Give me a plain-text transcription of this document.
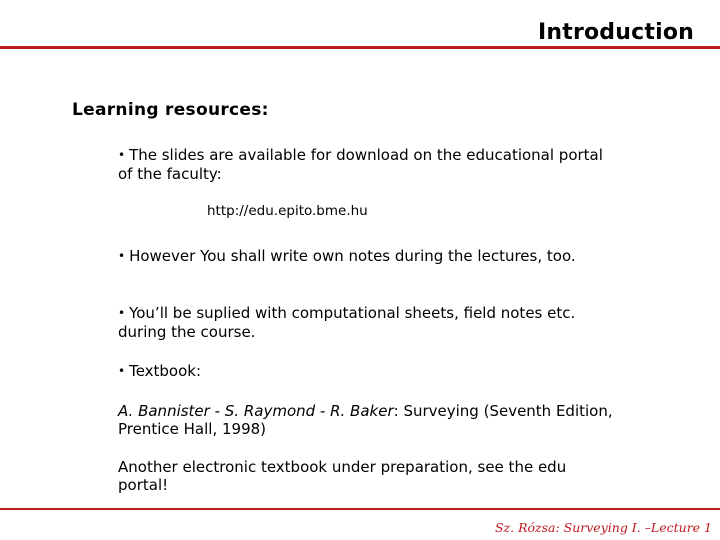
Introduction
Learning resources:
• The slides are available for download on the educational portal of the faculty:
http://edu.epito.bme.hu
• However You shall write own notes during the lectures, too.
• You’ll be suplied with computational sheets, field notes etc. during the course.
• Textbook:
A. Bannister - S. Raymond - R. Baker: Surveying (Seventh Edition, Prentice Hall, 1998)
Another electronic textbook under preparation, see the edu portal!
Sz. Rózsa: Surveying I. –Lecture 1
